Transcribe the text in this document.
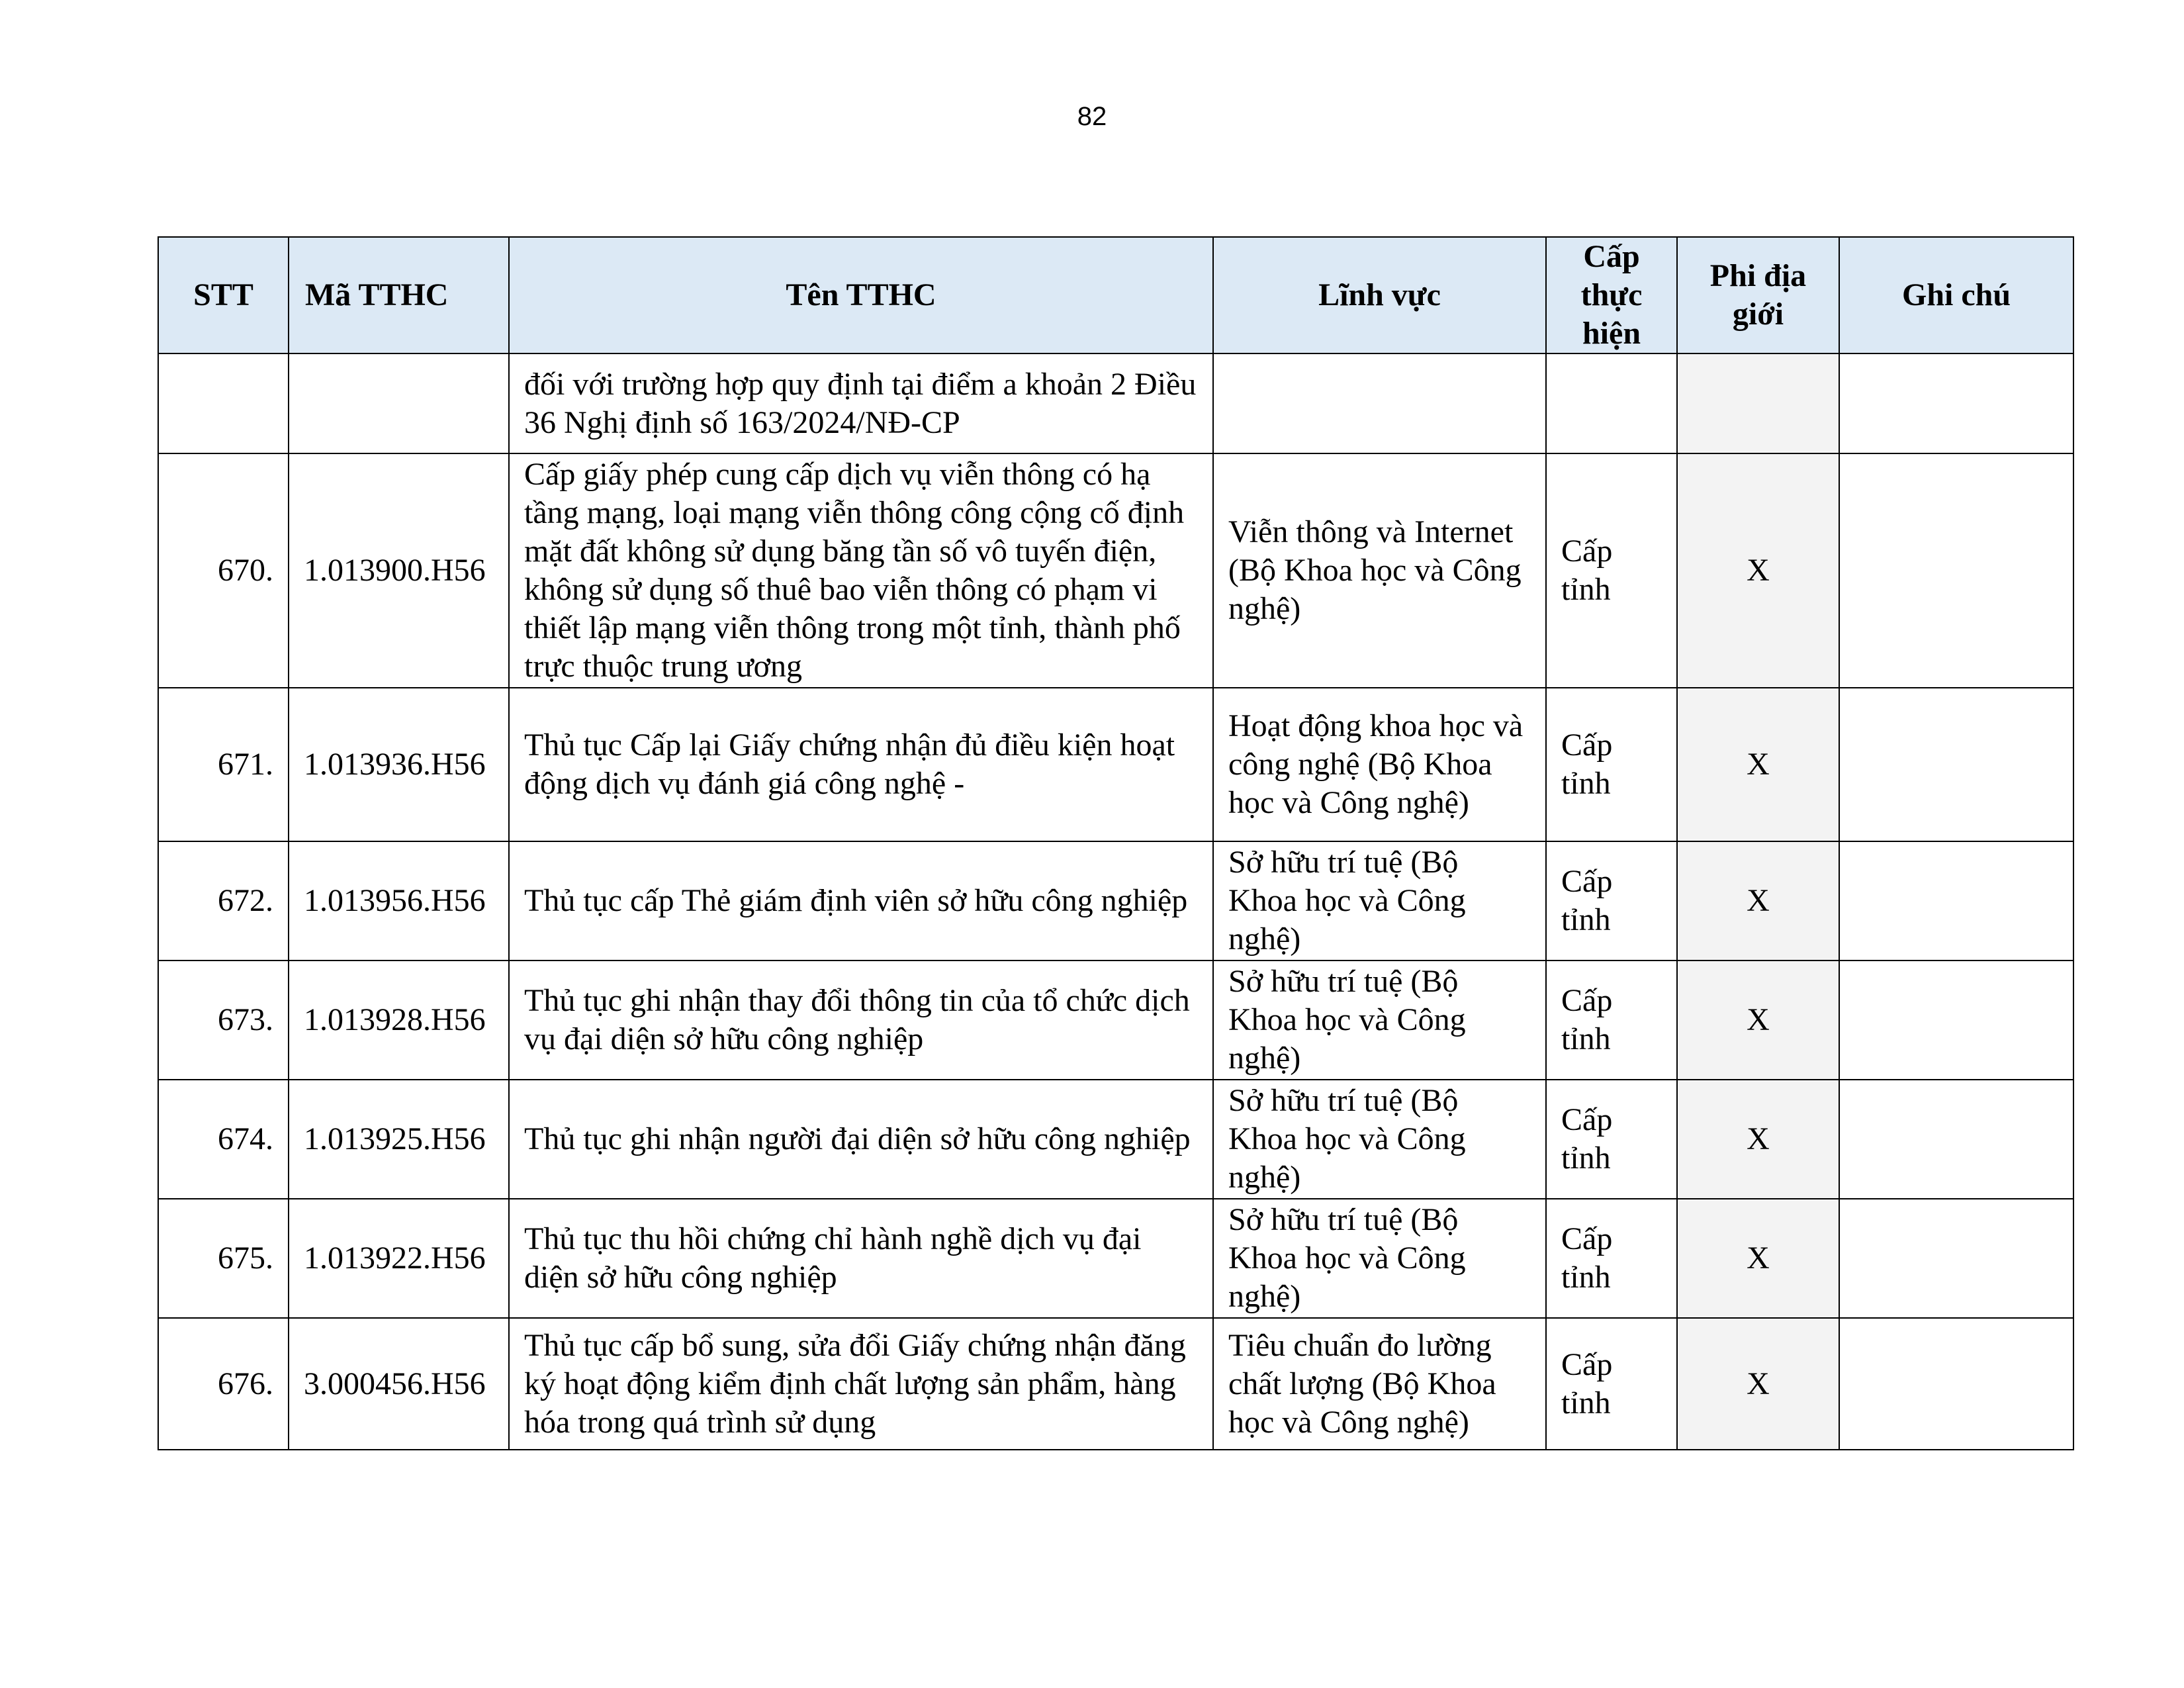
82
STT	Mã TTHC	Tên TTHC	Lĩnh vực	Cấp thực hiện	Phi địa giới	Ghi chú
		đối với trường hợp quy định tại điểm a khoản 2 Điều 36 Nghị định số 163/2024/NĐ-CP				
670.	1.013900.H56	Cấp giấy phép cung cấp dịch vụ viễn thông có hạ tầng mạng, loại mạng viễn thông công cộng cố định mặt đất không sử dụng băng tần số vô tuyến điện, không sử dụng số thuê bao viễn thông có phạm vi thiết lập mạng viễn thông trong một tỉnh, thành phố trực thuộc trung ương	Viễn thông và Internet (Bộ Khoa học và Công nghệ)	Cấp tỉnh	X	
671.	1.013936.H56	Thủ tục Cấp lại Giấy chứng nhận đủ điều kiện hoạt động dịch vụ đánh giá công nghệ -	Hoạt động khoa học và công nghệ (Bộ Khoa học và Công nghệ)	Cấp tỉnh	X	
672.	1.013956.H56	Thủ tục cấp Thẻ giám định viên sở hữu công nghiệp	Sở hữu trí tuệ (Bộ Khoa học và Công nghệ)	Cấp tỉnh	X	
673.	1.013928.H56	Thủ tục ghi nhận thay đổi thông tin của tổ chức dịch vụ đại diện sở hữu công nghiệp	Sở hữu trí tuệ (Bộ Khoa học và Công nghệ)	Cấp tỉnh	X	
674.	1.013925.H56	Thủ tục ghi nhận người đại diện sở hữu công nghiệp	Sở hữu trí tuệ (Bộ Khoa học và Công nghệ)	Cấp tỉnh	X	
675.	1.013922.H56	Thủ tục thu hồi chứng chỉ hành nghề dịch vụ đại diện sở hữu công nghiệp	Sở hữu trí tuệ (Bộ Khoa học và Công nghệ)	Cấp tỉnh	X	
676.	3.000456.H56	Thủ tục cấp bổ sung, sửa đổi Giấy chứng nhận đăng ký hoạt động kiểm định chất lượng sản phẩm, hàng hóa trong quá trình sử dụng	Tiêu chuẩn đo lường chất lượng (Bộ Khoa học và Công nghệ)	Cấp tỉnh	X	
